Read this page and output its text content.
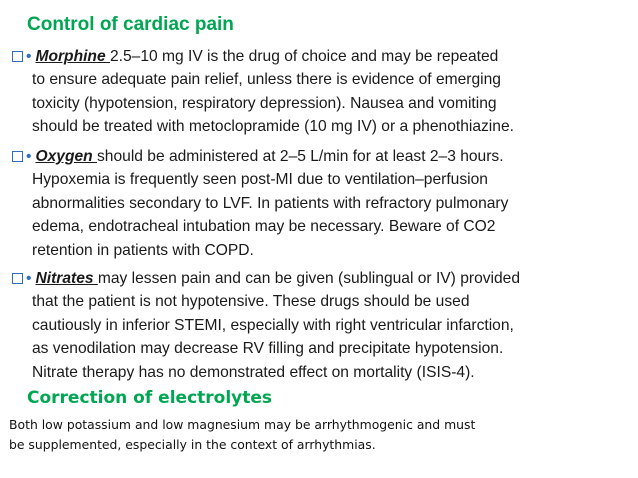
Control of cardiac pain
• Morphine 2.5–10 mg IV is the drug of choice and may be repeated
to ensure adequate pain relief, unless there is evidence of emerging
toxicity (hypotension, respiratory depression). Nausea and vomiting
should be treated with metoclopramide (10 mg IV) or a phenothiazine.
• Oxygen should be administered at 2–5 L/min for at least 2–3 hours.
Hypoxemia is frequently seen post-MI due to ventilation–perfusion
abnormalities secondary to LVF. In patients with refractory pulmonary
edema, endotracheal intubation may be necessary. Beware of CO2
retention in patients with COPD.
• Nitrates may lessen pain and can be given (sublingual or IV) provided
that the patient is not hypotensive. These drugs should be used
cautiously in inferior STEMI, especially with right ventricular infarction,
as venodilation may decrease RV filling and precipitate hypotension.
Nitrate therapy has no demonstrated effect on mortality (ISIS-4).
Correction of electrolytes
Both low potassium and low magnesium may be arrhythmogenic and must
be supplemented, especially in the context of arrhythmias.
